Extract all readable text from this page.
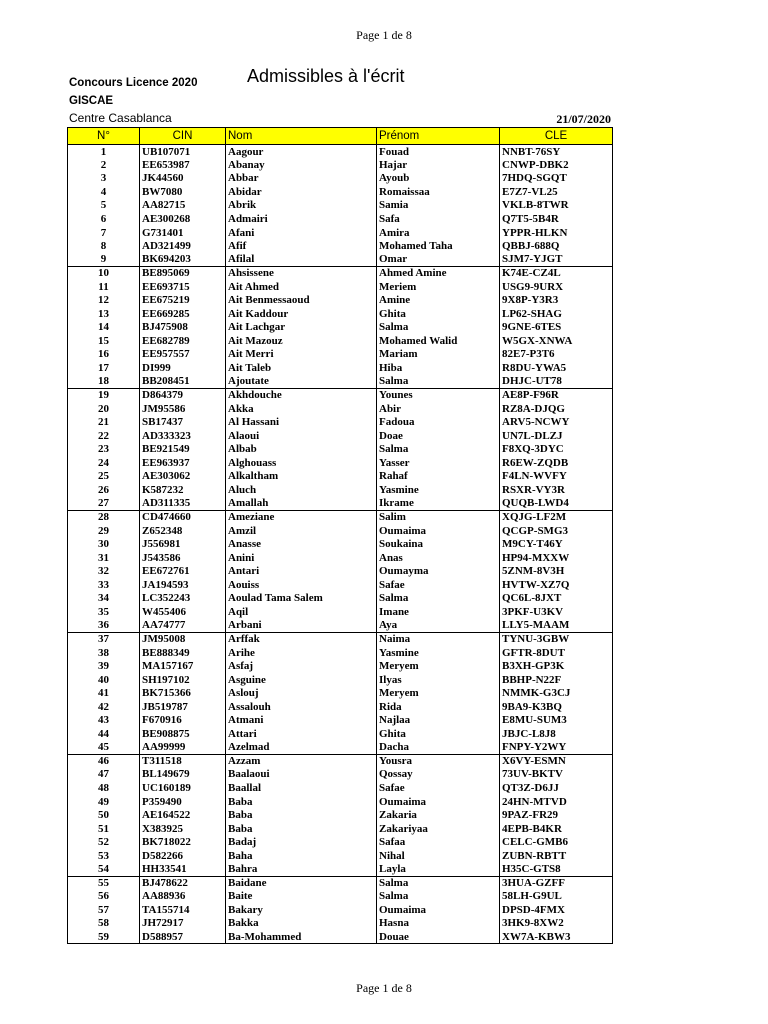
Page 1 de 8
Concours Licence 2020
GISCAE
Admissibles à l'écrit
Centre Casablanca	21/07/2020
N°	CIN	Nom	Prénom	CLE
1	UB107071	Aagour	Fouad	NNBT-76SY
2	EE653987	Abanay	Hajar	CNWP-DBK2
3	JK44560	Abbar	Ayoub	7HDQ-SGQT
4	BW7080	Abidar	Romaissaa	E7Z7-VL25
5	AA82715	Abrik	Samia	VKLB-8TWR
6	AE300268	Admairi	Safa	Q7T5-5B4R
7	G731401	Afani	Amira	YPPR-HLKN
8	AD321499	Afif	Mohamed Taha	QBBJ-688Q
9	BK694203	Afilal	Omar	SJM7-YJGT
10	BE895069	Ahsissene	Ahmed Amine	K74E-CZ4L
11	EE693715	Ait Ahmed	Meriem	USG9-9URX
12	EE675219	Ait Benmessaoud	Amine	9X8P-Y3R3
13	EE669285	Ait Kaddour	Ghita	LP62-SHAG
14	BJ475908	Ait Lachgar	Salma	9GNE-6TES
15	EE682789	Ait Mazouz	Mohamed Walid	W5GX-XNWA
16	EE957557	Ait Merri	Mariam	82E7-P3T6
17	DI999	Ait Taleb	Hiba	R8DU-YWA5
18	BB208451	Ajoutate	Salma	DHJC-UT78
19	D864379	Akhdouche	Younes	AE8P-F96R
20	JM95586	Akka	Abir	RZ8A-DJQG
21	SB17437	Al Hassani	Fadoua	ARV5-NCWY
22	AD333323	Alaoui	Doae	UN7L-DLZJ
23	BE921549	Albab	Salma	F8XQ-3DYC
24	EE963937	Alghouass	Yasser	R6EW-ZQDB
25	AE303062	Alkaltham	Rahaf	F4LN-WVFY
26	K587232	Aluch	Yasmine	RSXR-VY3R
27	AD311335	Amallah	Ikrame	QUQB-LWD4
28	CD474660	Ameziane	Salim	XQJG-LF2M
29	Z652348	Amzil	Oumaima	QCGP-SMG3
30	J556981	Anasse	Soukaina	M9CY-T46Y
31	J543586	Anini	Anas	HP94-MXXW
32	EE672761	Antari	Oumayma	5ZNM-8V3H
33	JA194593	Aouiss	Safae	HVTW-XZ7Q
34	LC352243	Aoulad Tama Salem	Salma	QC6L-8JXT
35	W455406	Aqil	Imane	3PKF-U3KV
36	AA74777	Arbani	Aya	LLY5-MAAM
37	JM95008	Arffak	Naima	TYNU-3GBW
38	BE888349	Arihe	Yasmine	GFTR-8DUT
39	MA157167	Asfaj	Meryem	B3XH-GP3K
40	SH197102	Asguine	Ilyas	BBHP-N22F
41	BK715366	Aslouj	Meryem	NMMK-G3CJ
42	JB519787	Assalouh	Rida	9BA9-K3BQ
43	F670916	Atmani	Najlaa	E8MU-SUM3
44	BE908875	Attari	Ghita	JBJC-L8J8
45	AA99999	Azelmad	Dacha	FNPY-Y2WY
46	T311518	Azzam	Yousra	X6VY-ESMN
47	BL149679	Baalaoui	Qossay	73UV-BKTV
48	UC160189	Baallal	Safae	QT3Z-D6JJ
49	P359490	Baba	Oumaima	24HN-MTVD
50	AE164522	Baba	Zakaria	9PAZ-FR29
51	X383925	Baba	Zakariyaa	4EPB-B4KR
52	BK718022	Badaj	Safaa	CELC-GMB6
53	D582266	Baha	Nihal	ZUBN-RBTT
54	HH33541	Bahra	Layla	H35C-GTS8
55	BJ478622	Baidane	Salma	3HUA-GZFF
56	AA88936	Baite	Salma	58LH-G9UL
57	TA155714	Bakary	Oumaima	DPSD-4FMX
58	JH72917	Bakka	Hasna	3HK9-8XW2
59	D588957	Ba-Mohammed	Douae	XW7A-KBW3
Page 1 de 8
